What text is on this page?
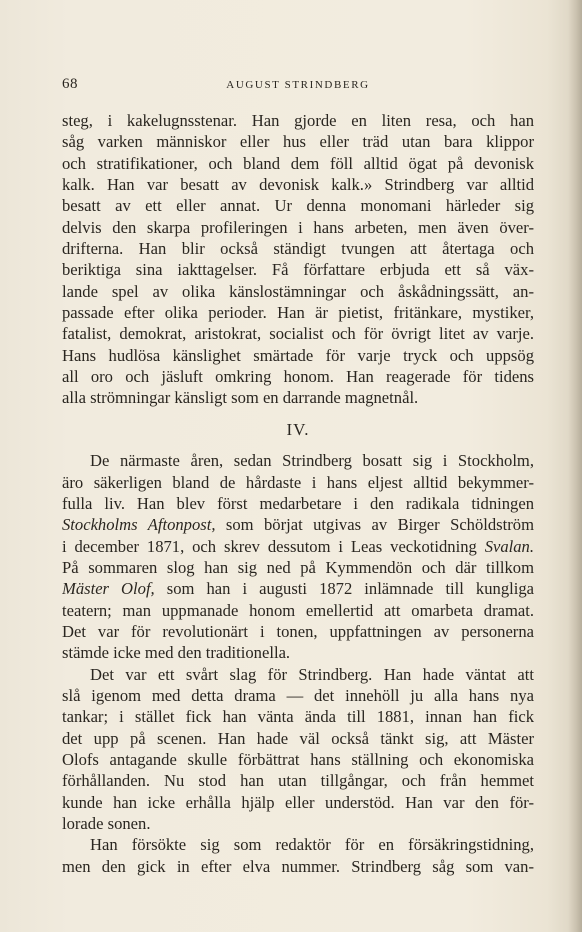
68	AUGUST STRINDBERG
steg, i kakelugnsstenar. Han gjorde en liten resa, och han
såg varken människor eller hus eller träd utan bara klippor
och stratifikationer, och bland dem föll alltid ögat på devonisk
kalk. Han var besatt av devonisk kalk.» Strindberg var alltid
besatt av ett eller annat. Ur denna monomani härleder sig
delvis den skarpa profileringen i hans arbeten, men även över-
drifterna. Han blir också ständigt tvungen att återtaga och
beriktiga sina iakttagelser. Få författare erbjuda ett så väx-
lande spel av olika känslostämningar och åskådningssätt, an-
passade efter olika perioder. Han är pietist, fritänkare, mystiker,
fatalist, demokrat, aristokrat, socialist och för övrigt litet av varje.
Hans hudlösa känslighet smärtade för varje tryck och uppsög
all oro och jäsluft omkring honom. Han reagerade för tidens
alla strömningar känsligt som en darrande magnetnål.
IV.
De närmaste åren, sedan Strindberg bosatt sig i Stockholm,
äro säkerligen bland de hårdaste i hans eljest alltid bekymmer-
fulla liv. Han blev först medarbetare i den radikala tidningen
Stockholms Aftonpost, som börjat utgivas av Birger Schöldström
i december 1871, och skrev dessutom i Leas veckotidning Svalan.
På sommaren slog han sig ned på Kymmendön och där tillkom
Mäster Olof, som han i augusti 1872 inlämnade till kungliga
teatern; man uppmanade honom emellertid att omarbeta dramat.
Det var för revolutionärt i tonen, uppfattningen av personerna
stämde icke med den traditionella.
Det var ett svårt slag för Strindberg. Han hade väntat att
slå igenom med detta drama — det innehöll ju alla hans nya
tankar; i stället fick han vänta ända till 1881, innan han fick
det upp på scenen. Han hade väl också tänkt sig, att Mäster
Olofs antagande skulle förbättrat hans ställning och ekonomiska
förhållanden. Nu stod han utan tillgångar, och från hemmet
kunde han icke erhålla hjälp eller understöd. Han var den för-
lorade sonen.
Han försökte sig som redaktör för en försäkringstidning,
men den gick in efter elva nummer. Strindberg såg som van-
